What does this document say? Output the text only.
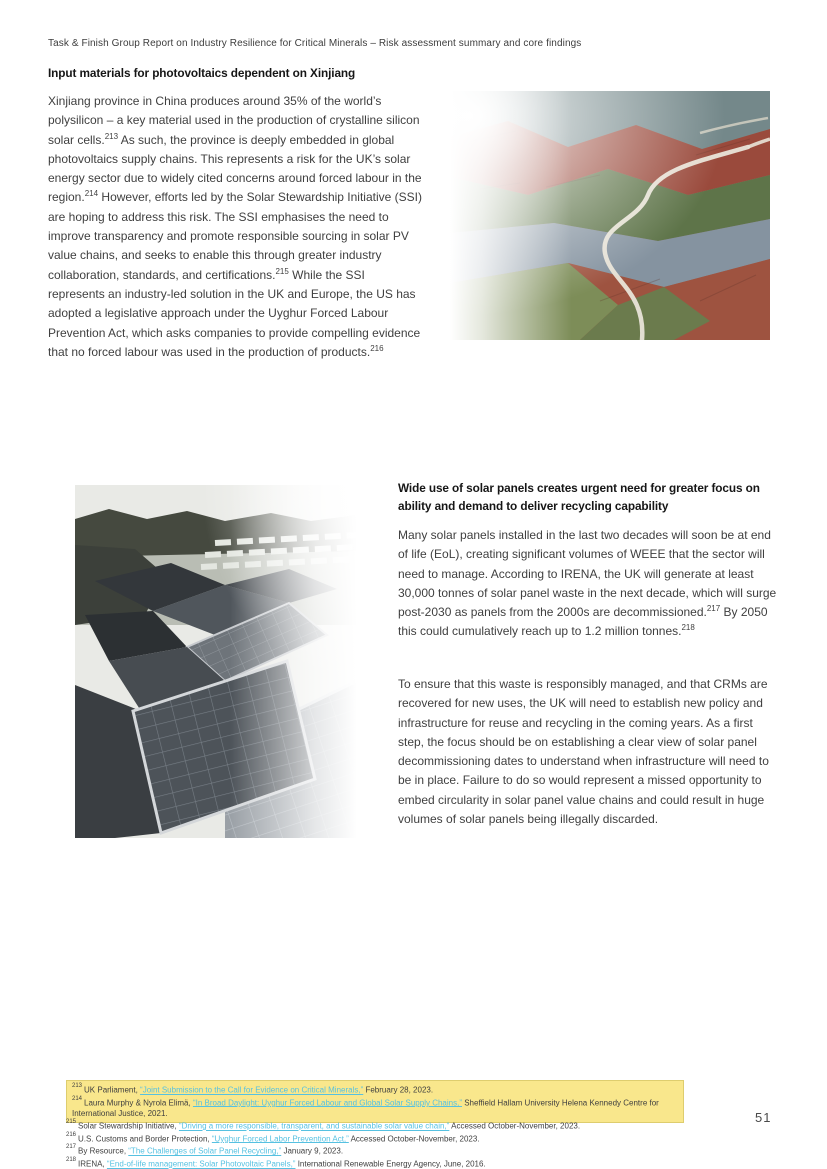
Task & Finish Group Report on Industry Resilience for Critical Minerals – Risk assessment summary and core findings
Input materials for photovoltaics dependent on Xinjiang

Xinjiang province in China produces around 35% of the world’s polysilicon – a key material used in the production of crystalline silicon solar cells.$^{213}$ As such, the province is deeply embedded in global photovoltaics supply chains. This represents a risk for the UK’s solar energy sector due to widely cited concerns around forced labour in the region.$^{214}$ However, efforts led by the Solar Stewardship Initiative (SSI) are hoping to address this risk. The SSI emphasises the need to improve transparency and promote responsible sourcing in solar PV value chains, and seeks to enable this through greater industry collaboration, standards, and certifications.$^{215}$ While the SSI represents an industry-led solution in the UK and Europe, the US has adopted a legislative approach under the Uyghur Forced Labour Prevention Act, which asks companies to provide compelling evidence that no forced labour was used in the production of products.$^{216}$

Wide use of solar panels creates urgent need for greater focus on ability and demand to deliver recycling capability

Many solar panels installed in the last two decades will soon be at end of life (EoL), creating significant volumes of WEEE that the sector will need to manage. According to IRENA, the UK will generate at least 30,000 tonnes of solar panel waste in the next decade, which will surge post-2030 as panels from the 2000s are decommissioned.$^{217}$ By 2050 this could cumulatively reach up to 1.2 million tonnes.$^{218}$

To ensure that this waste is responsibly managed, and that CRMs are recovered for new uses, the UK will need to establish new policy and infrastructure for reuse and recycling in the coming years. As a first step, the focus should be on establishing a clear view of solar panel decommissioning dates to understand when infrastructure will need to be in place. Failure to do so would represent a missed opportunity to embed circularity in solar panel value chains and could result in huge volumes of solar panels being illegally discarded.

$^{213}$ UK Parliament, “Joint Submission to the Call for Evidence on Critical Minerals,” February 28, 2023.
$^{214}$ Laura Murphy & Nyrola Elimä, “In Broad Daylight: Uyghur Forced Labour and Global Solar Supply Chains,” Sheffield Hallam University Helena Kennedy Centre for International Justice, 2021.
$^{215}$ Solar Stewardship Initiative, “Driving a more responsible, transparent, and sustainable solar value chain,” Accessed October-November, 2023.
$^{216}$ U.S. Customs and Border Protection, “Uyghur Forced Labor Prevention Act,” Accessed October-November, 2023.
$^{217}$ By Resource, “The Challenges of Solar Panel Recycling,” January 9, 2023.
$^{218}$ IRENA, “End-of-life management: Solar Photovoltaic Panels,” International Renewable Energy Agency, June, 2016.
51
